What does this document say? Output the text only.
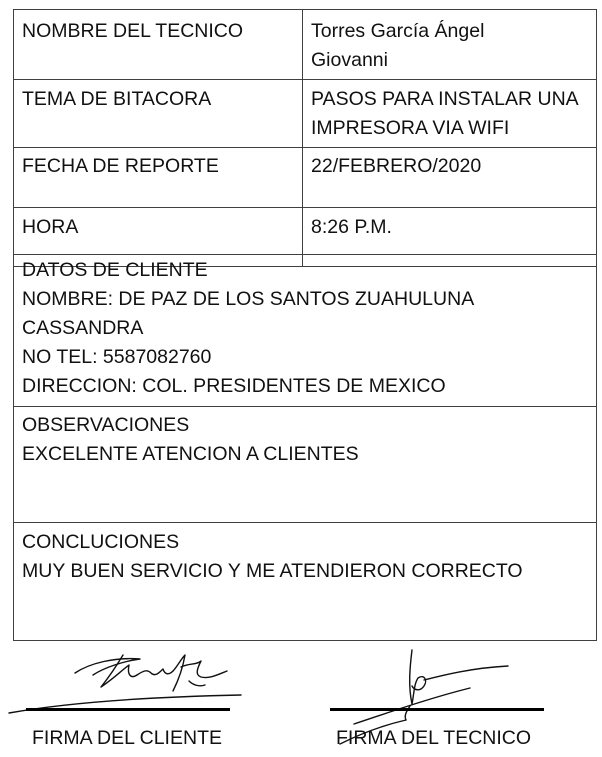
NOMBRE DEL TECNICO	Torres García Ángel
Giovanni
TEMA DE BITACORA	PASOS PARA INSTALAR UNA
IMPRESORA VIA WIFI
FECHA DE REPORTE	22/FEBRERO/2020
HORA	8:26 P.M.
DATOS DE CLIENTE
NOMBRE: DE PAZ DE LOS SANTOS ZUAHULUNA
CASSANDRA
NO TEL: 5587082760
DIRECCION: COL. PRESIDENTES DE MEXICO
OBSERVACIONES
EXCELENTE ATENCION A CLIENTES
CONCLUCIONES
MUY BUEN SERVICIO Y ME ATENDIERON CORRECTO
FIRMA DEL CLIENTE	FIRMA DEL TECNICO
